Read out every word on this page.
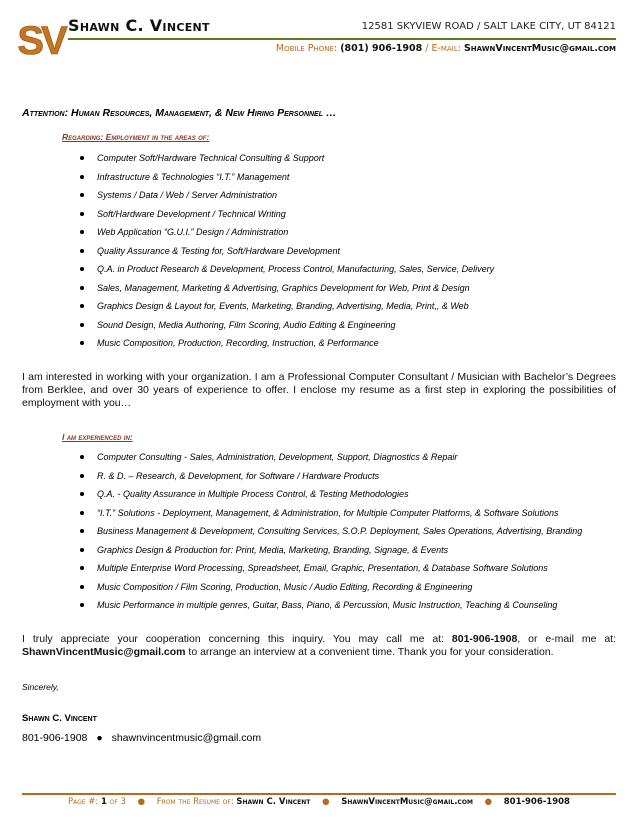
SV Shawn C. Vincent	12581 SKYVIEW ROAD / SALT LAKE CITY, UT 84121
Mobile Phone: (801) 906-1908 / E-mail: ShawnVincentMusic@gmail.com
Attention: Human Resources, Management, & New Hiring Personnel …
Regarding: Employment in the areas of:
Computer Soft/Hardware Technical Consulting & Support
Infrastructure & Technologies “I.T.” Management
Systems / Data / Web / Server Administration
Soft/Hardware Development / Technical Writing
Web Application “G.U.I.” Design / Administration
Quality Assurance & Testing for, Soft/Hardware Development
Q.A. in Product Research & Development, Process Control, Manufacturing, Sales, Service, Delivery
Sales, Management, Marketing & Advertising, Graphics Development for Web, Print & Design
Graphics Design & Layout for, Events, Marketing, Branding, Advertising, Media, Print,, & Web
Sound Design, Media Authoring, Film Scoring, Audio Editing & Engineering
Music Composition, Production, Recording, Instruction, & Performance
I am interested in working with your organization. I am a Professional Computer Consultant / Musician with Bachelor’s Degrees from Berklee, and over 30 years of experience to offer. I enclose my resume as a first step in exploring the possibilities of employment with you…
I am experienced in:
Computer Consulting - Sales, Administration, Development, Support, Diagnostics & Repair
R. & D. – Research, & Development, for Software / Hardware Products
Q.A. - Quality Assurance in Multiple Process Control, & Testing Methodologies
“I.T.” Solutions - Deployment, Management, & Administration, for Multiple Computer Platforms, & Software Solutions
Business Management & Development, Consulting Services, S.O.P. Deployment, Sales Operations, Advertising, Branding
Graphics Design & Production for: Print, Media, Marketing, Branding, Signage, & Events
Multiple Enterprise Word Processing, Spreadsheet, Email, Graphic, Presentation, & Database Software Solutions
Music Composition / Film Scoring, Production, Music / Audio Editing, Recording & Engineering
Music Performance in multiple genres, Guitar, Bass, Piano, & Percussion, Music Instruction, Teaching & Counseling
I truly appreciate your cooperation concerning this inquiry. You may call me at: 801-906-1908, or e-mail me at: ShawnVincentMusic@gmail.com to arrange an interview at a convenient time. Thank you for your consideration.
Sincerely,
Shawn C. Vincent
801-906-1908 ● shawnvincentmusic@gmail.com
Page #: 1 of 3 ● From the Resume of: Shawn C. Vincent ● ShawnVincentMusic@gmail.com ● 801-906-1908
